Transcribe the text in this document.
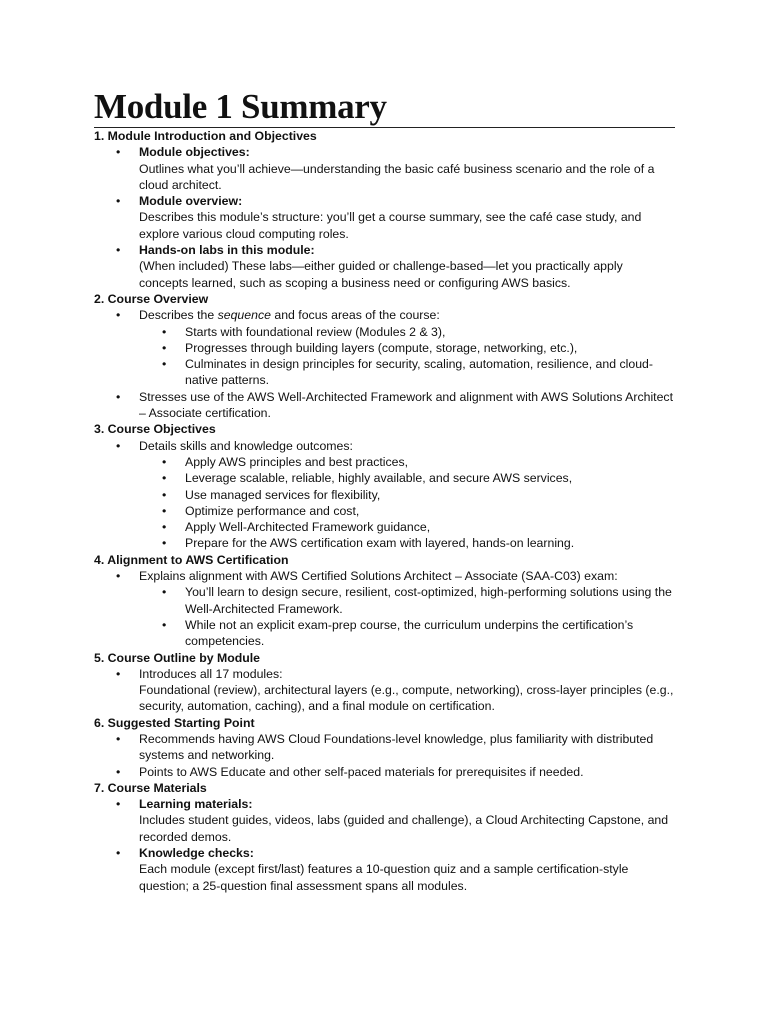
Module 1 Summary
1. Module Introduction and Objectives
• Module objectives:
Outlines what you’ll achieve—understanding the basic café business scenario and the role of a cloud architect.
• Module overview:
Describes this module’s structure: you’ll get a course summary, see the café case study, and explore various cloud computing roles.
• Hands-on labs in this module:
(When included) These labs—either guided or challenge-based—let you practically apply concepts learned, such as scoping a business need or configuring AWS basics.
2. Course Overview
• Describes the sequence and focus areas of the course:
• Starts with foundational review (Modules 2 & 3),
• Progresses through building layers (compute, storage, networking, etc.),
• Culminates in design principles for security, scaling, automation, resilience, and cloud-native patterns.
• Stresses use of the AWS Well-Architected Framework and alignment with AWS Solutions Architect – Associate certification.
3. Course Objectives
• Details skills and knowledge outcomes:
• Apply AWS principles and best practices,
• Leverage scalable, reliable, highly available, and secure AWS services,
• Use managed services for flexibility,
• Optimize performance and cost,
• Apply Well-Architected Framework guidance,
• Prepare for the AWS certification exam with layered, hands-on learning.
4. Alignment to AWS Certification
• Explains alignment with AWS Certified Solutions Architect – Associate (SAA-C03) exam:
• You’ll learn to design secure, resilient, cost-optimized, high-performing solutions using the Well-Architected Framework.
• While not an explicit exam-prep course, the curriculum underpins the certification’s competencies.
5. Course Outline by Module
• Introduces all 17 modules:
Foundational (review), architectural layers (e.g., compute, networking), cross-layer principles (e.g., security, automation, caching), and a final module on certification.
6. Suggested Starting Point
• Recommends having AWS Cloud Foundations-level knowledge, plus familiarity with distributed systems and networking.
• Points to AWS Educate and other self-paced materials for prerequisites if needed.
7. Course Materials
• Learning materials:
Includes student guides, videos, labs (guided and challenge), a Cloud Architecting Capstone, and recorded demos.
• Knowledge checks:
Each module (except first/last) features a 10-question quiz and a sample certification-style question; a 25-question final assessment spans all modules.
